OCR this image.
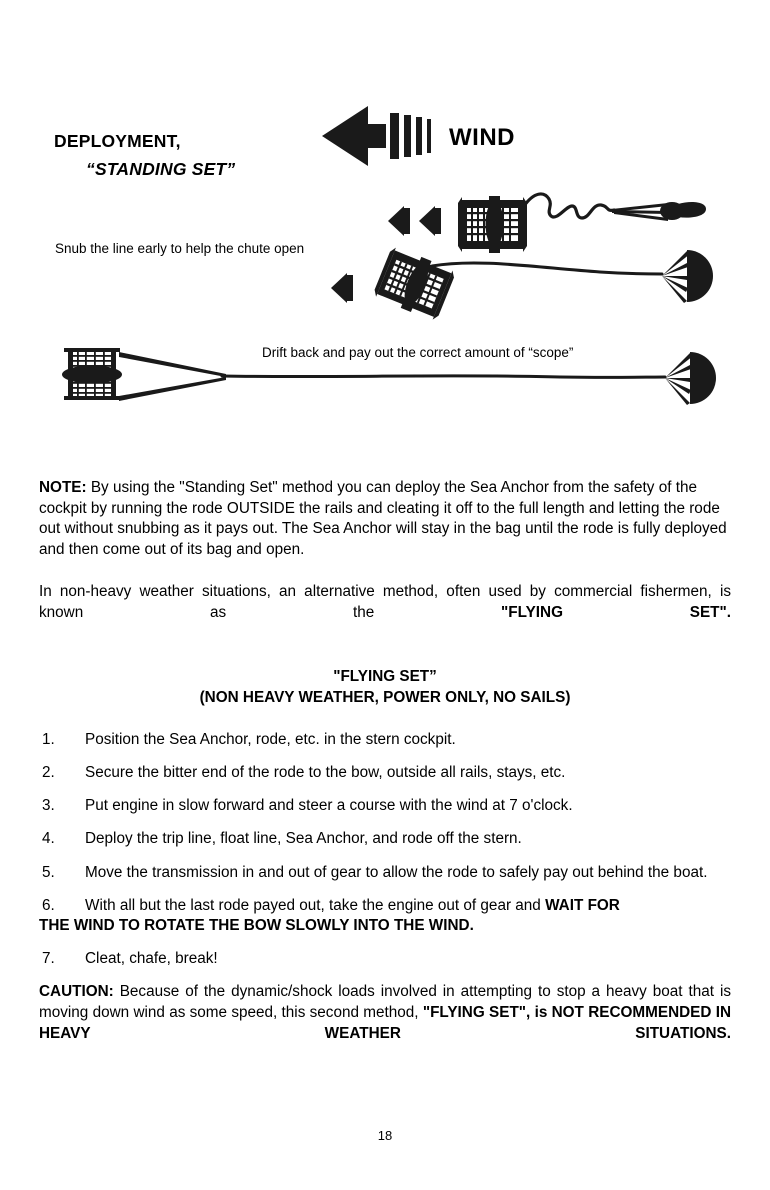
DEPLOYMENT,
“STANDING SET”
WIND
Snub the line early to help the chute open
Drift back and pay out the correct amount of “scope”

NOTE: By using the "Standing Set" method you can deploy the Sea Anchor from the safety of the cockpit by running the rode OUTSIDE the rails and cleating it off to the full length and letting the rode out without snubbing as it pays out. The Sea Anchor will stay in the bag until the rode is fully deployed and then come out of its bag and open.

In non-heavy weather situations, an alternative method, often used by commercial fishermen, is known as the "FLYING SET".

"FLYING SET”
(NON HEAVY WEATHER, POWER ONLY, NO SAILS)
1.	Position the Sea Anchor, rode, etc. in the stern cockpit.
2.	Secure the bitter end of the rode to the bow, outside all rails, stays, etc.
3.	Put engine in slow forward and steer a course with the wind at 7 o'clock.
4.	Deploy the trip line, float line, Sea Anchor, and rode off the stern.
5.	Move the transmission in and out of gear to allow the rode to safely pay out behind the boat.
6.	With all but the last rode payed out, take the engine out of gear and WAIT FOR
THE WIND TO ROTATE THE BOW SLOWLY INTO THE WIND.
7.	Cleat, chafe, break!

CAUTION: Because of the dynamic/shock loads involved in attempting to stop a heavy boat that is moving down wind as some speed, this second method, "FLYING SET", is NOT RECOMMENDED IN HEAVY WEATHER SITUATIONS.

18
